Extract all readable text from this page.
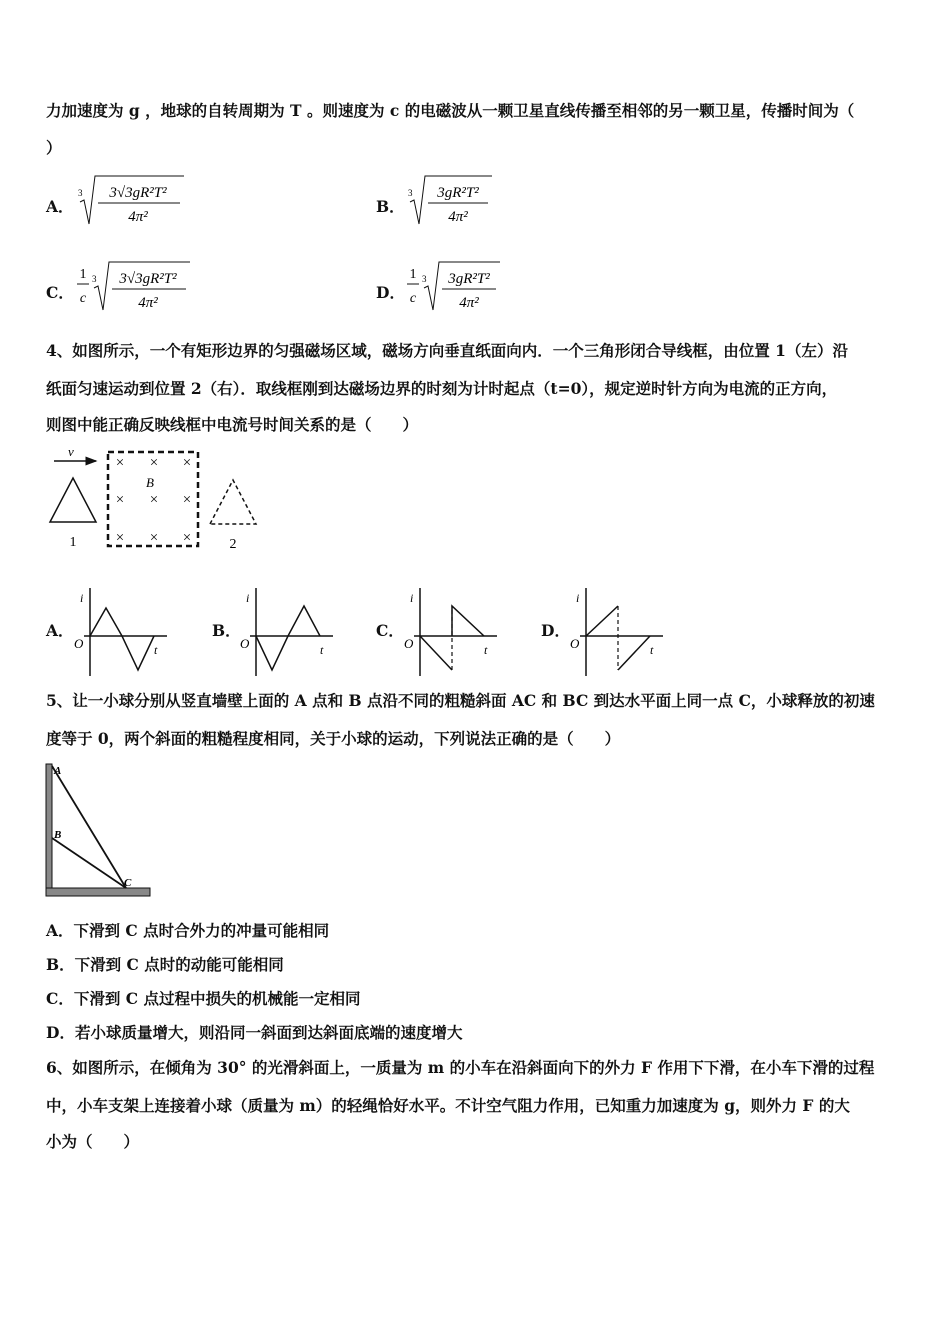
力加速度为 g ，地球的自转周期为 T 。则速度为 c 的电磁波从一颗卫星直线传播至相邻的另一颗卫星，传播时间为（
）
A．
3 3√3gR²T²
4π²
B．
3 3gR²T²
4π²
C．
1
c
3 3√3gR²T²
4π²
D．
1
c
3 3gR²T²
4π²
4、如图所示，一个有矩形边界的匀强磁场区域，磁场方向垂直纸面向内．一个三角形闭合导线框，由位置 1（左）沿
纸面匀速运动到位置 2（右）．取线框刚到达磁场边界的时刻为计时起点（t=0），规定逆时针方向为电流的正方向，
则图中能正确反映线框中电流号时间关系的是（　　）
v
1
× × ×
× × ×
× × ×
B
2
A．
i
O	t
B．
i
O	t
C．
i
O	t
D．
i
O	t
5、让一小球分别从竖直墙壁上面的 A 点和 B 点沿不同的粗糙斜面 AC 和 BC 到达水平面上同一点 C，小球释放的初速
度等于 0，两个斜面的粗糙程度相同，关于小球的运动，下列说法正确的是（　　）
A
B
C
A．下滑到 C 点时合外力的冲量可能相同
B．下滑到 C 点时的动能可能相同
C．下滑到 C 点过程中损失的机械能一定相同
D．若小球质量增大，则沿同一斜面到达斜面底端的速度增大
6、如图所示，在倾角为 30° 的光滑斜面上，一质量为 m 的小车在沿斜面向下的外力 F 作用下下滑，在小车下滑的过程
中，小车支架上连接着小球（质量为 m）的轻绳恰好水平。不计空气阻力作用，已知重力加速度为 g，则外力 F 的大
小为（　　）
